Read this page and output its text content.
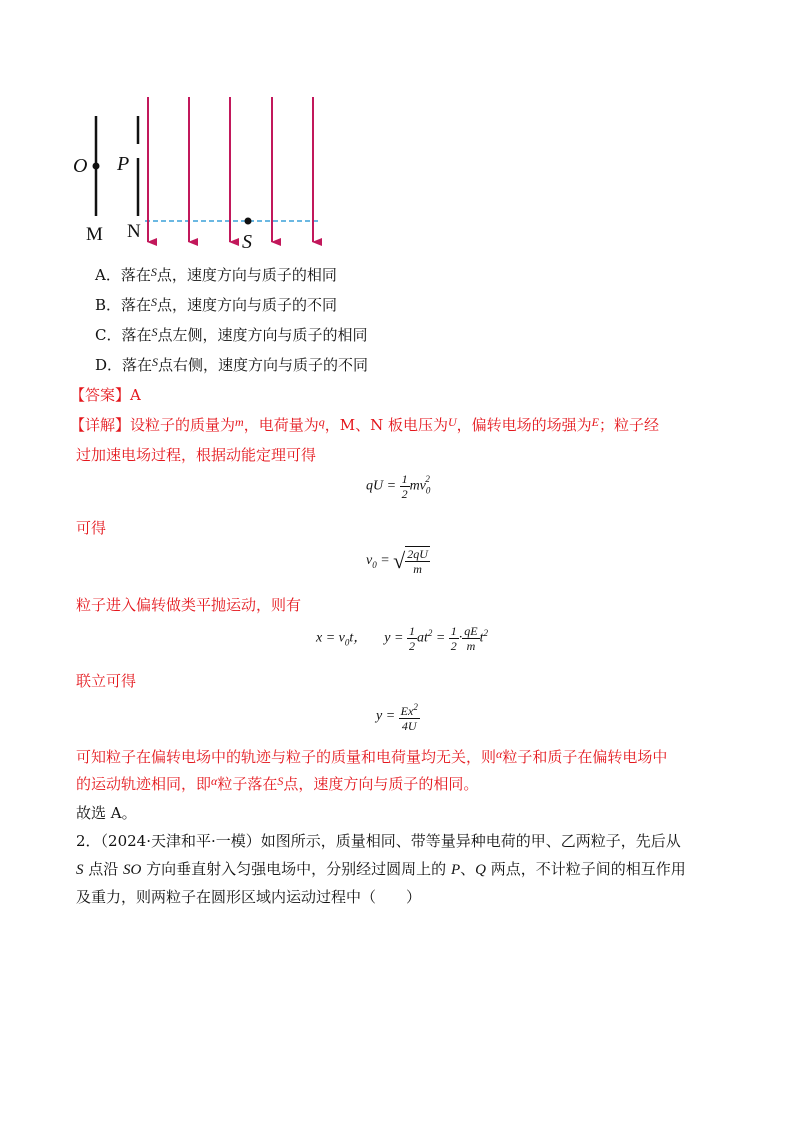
O P
M N	S
A．落在$^S$点，速度方向与质子的相同
B．落在$^S$点，速度方向与质子的不同
C．落在$^S$点左侧，速度方向与质子的相同
D．落在$^S$点右侧，速度方向与质子的不同
【答案】A
【详解】设粒子的质量为$^m$，电荷量为$^q$，M、N 板电压为$^U$，偏转电场的场强为$^E$；粒子经
过加速电场过程，根据动能定理可得
qU = $\frac{1}{2} mv_0^2$
可得
$v_0$ = √ $\frac{2qU}{m}$
粒子进入偏转做类平抛运动，则有
$x = v_0t$， $y = \frac{1}{2} at^2 = \frac{1}{2} \cdot \frac{qE}{m} t^2$
联立可得
$y = \frac{Ex^2}{4U}$
可知粒子在偏转电场中的轨迹与粒子的质量和电荷量均无关，则$^\alpha$粒子和质子在偏转电场中
的运动轨迹相同，即$^\alpha$粒子落在$^S$点，速度方向与质子的相同。
故选 A。
2．（2024·天津和平·一模）如图所示，质量相同、带等量异种电荷的甲、乙两粒子，先后从
S 点沿 SO 方向垂直射入匀强电场中，分别经过圆周上的 P、Q 两点，不计粒子间的相互作用
及重力，则两粒子在圆形区域内运动过程中（　　）
